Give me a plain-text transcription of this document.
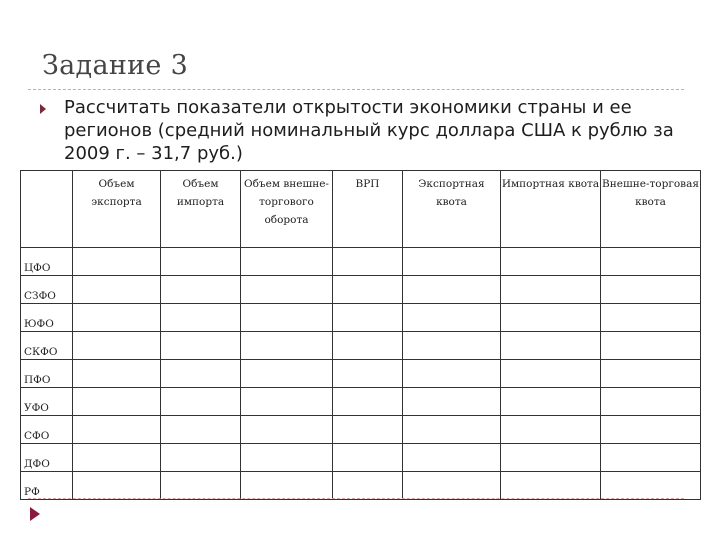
Задание 3
Рассчитать показатели открытости экономики страны и ее регионов (средний номинальный курс доллара США к рублю за 2009 г. – 31,7 руб.)
	Объем экспорта	Объем импорта	Объем внешне-торгового оборота	ВРП	Экспортная квота	Импортная квота	Внешне-торговая квота
ЦФО							
СЗФО							
ЮФО							
СКФО							
ПФО							
УФО							
СФО							
ДФО							
РФ							
